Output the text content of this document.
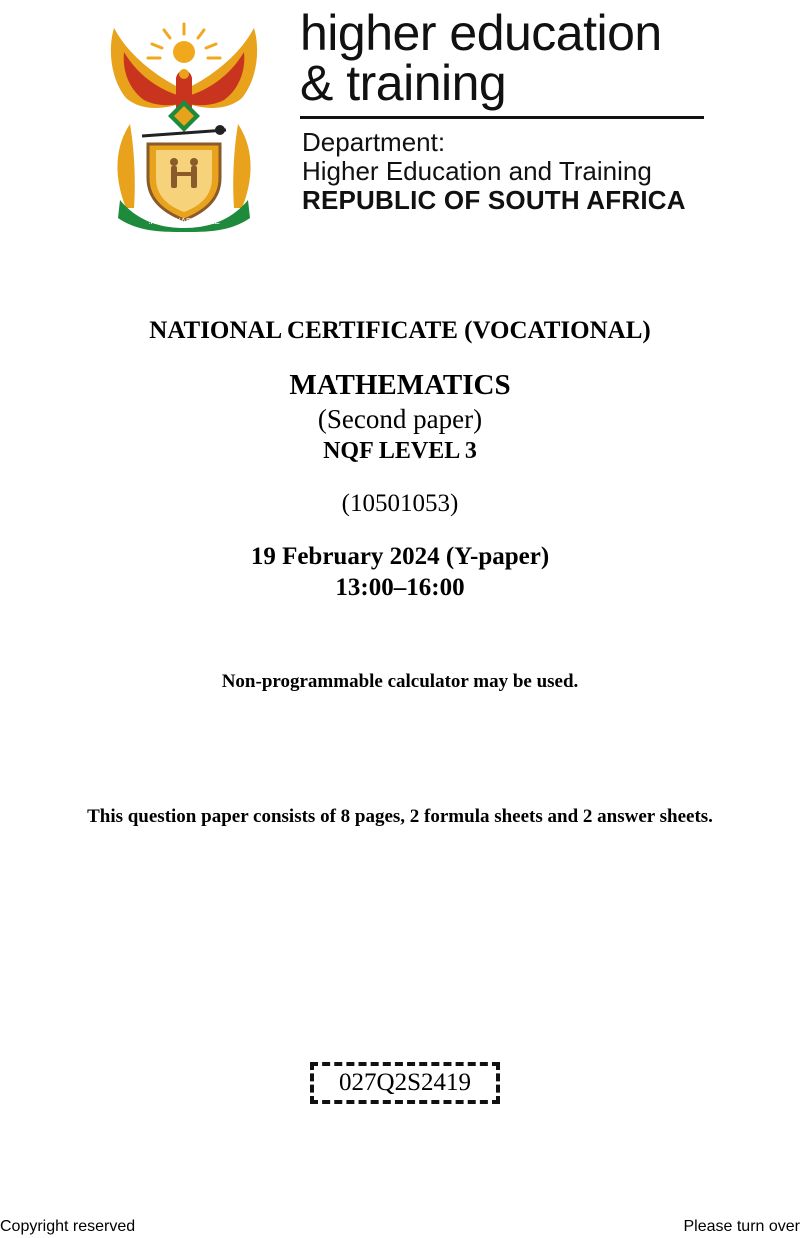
!KE E: /XARRA //KE
higher education
& training
Department:
Higher Education and Training
REPUBLIC OF SOUTH AFRICA
NATIONAL CERTIFICATE (VOCATIONAL)
MATHEMATICS
(Second paper)
NQF LEVEL 3
(10501053)
19 February 2024 (Y-paper)
13:00–16:00
Non-programmable calculator may be used.
This question paper consists of 8 pages, 2 formula sheets and 2 answer sheets.
027Q2S2419
Copyright reserved	Please turn over
